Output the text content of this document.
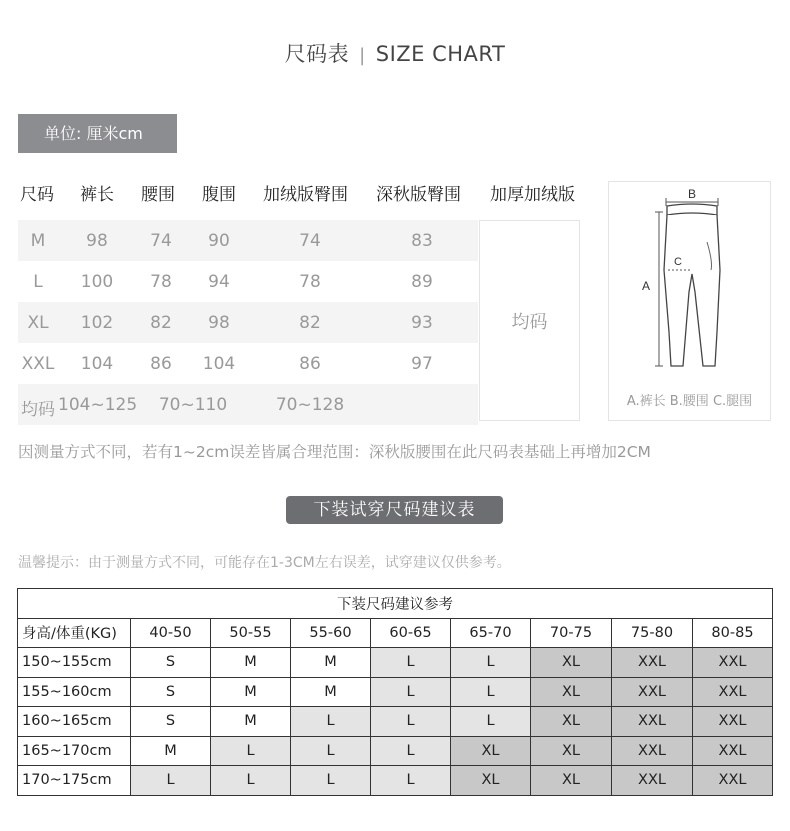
尺码表 | SIZE CHART
单位: 厘米cm
尺码 裤长 腰围 腹围 加绒版臀围 深秋版臀围 加厚加绒版
M	98	74	90	74	83
L	100	78	94	78	89
XL	102	82	98	82	93
XXL	104	86	104	86	97
均码 104~125 70~110	70~128
均码
B
A
C
A.裤长 B.腰围 C.腿围
因测量方式不同，若有1~2cm误差皆属合理范围：深秋版腰围在此尺码表基础上再增加2CM
下装试穿尺码建议表
温馨提示：由于测量方式不同，可能存在1-3CM左右误差，试穿建议仅供参考。
下装尺码建议参考								
身高/体重(KG)	40-50	50-55	55-60	60-65	65-70	70-75	75-80	80-85
150~155cm	S	M	M	L	L	XL	XXL	XXL
155~160cm	S	M	M	L	L	XL	XXL	XXL
160~165cm	S	M	L	L	L	XL	XXL	XXL
165~170cm	M	L	L	L	XL	XL	XXL	XXL
170~175cm	L	L	L	L	XL	XL	XXL	XXL
